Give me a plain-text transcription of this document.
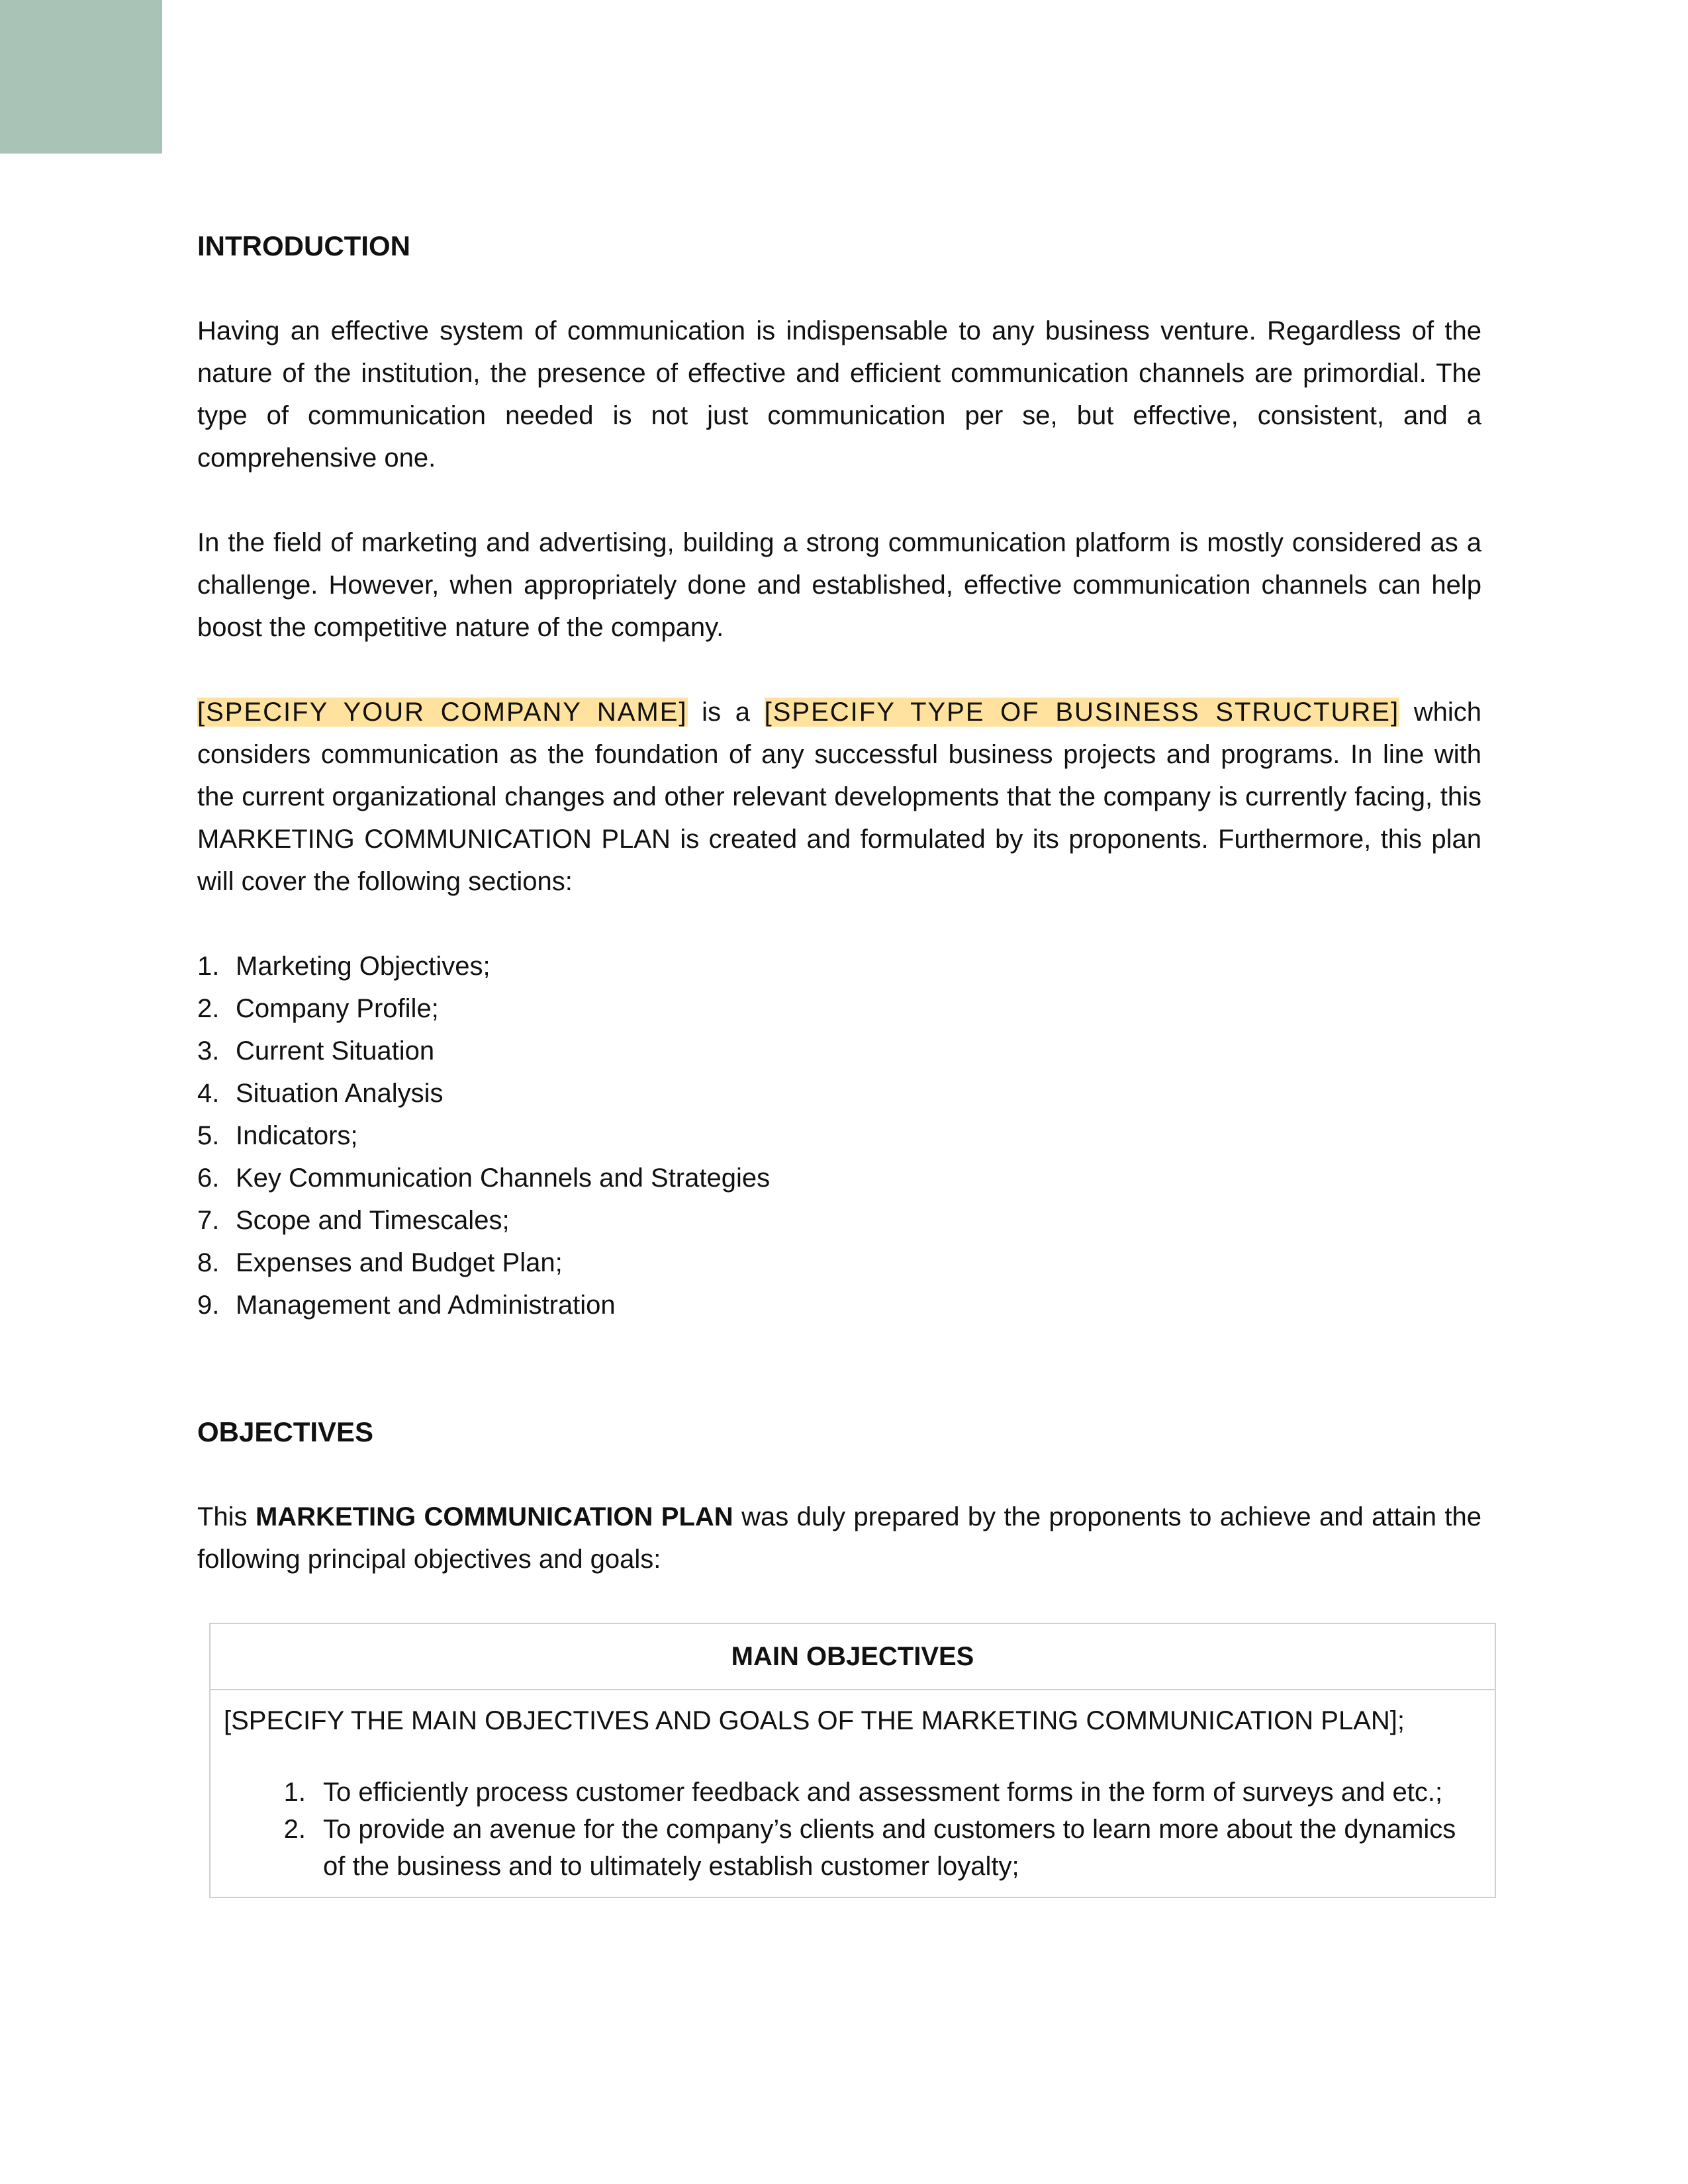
INTRODUCTION

Having an effective system of communication is indispensable to any business venture. Regardless of the nature of the institution, the presence of effective and efficient communication channels are primordial. The type of communication needed is not just communication per se, but effective, consistent, and a comprehensive one.

In the field of marketing and advertising, building a strong communication platform is mostly considered as a challenge. However, when appropriately done and established, effective communication channels can help boost the competitive nature of the company.

[SPECIFY YOUR COMPANY NAME] is a [SPECIFY TYPE OF BUSINESS STRUCTURE] which considers communication as the foundation of any successful business projects and programs. In line with the current organizational changes and other relevant developments that the company is currently facing, this MARKETING COMMUNICATION PLAN is created and formulated by its proponents. Furthermore, this plan will cover the following sections:

1. Marketing Objectives;
2. Company Profile;
3. Current Situation
4. Situation Analysis
5. Indicators;
6. Key Communication Channels and Strategies
7. Scope and Timescales;
8. Expenses and Budget Plan;
9. Management and Administration
OBJECTIVES

This MARKETING COMMUNICATION PLAN was duly prepared by the proponents to achieve and attain the following principal objectives and goals:

MAIN OBJECTIVES
[SPECIFY THE MAIN OBJECTIVES AND GOALS OF THE MARKETING COMMUNICATION PLAN];
1. To efficiently process customer feedback and assessment forms in the form of surveys and etc.;
2. To provide an avenue for the company’s clients and customers to learn more about the dynamics of the business and to ultimately establish customer loyalty;
